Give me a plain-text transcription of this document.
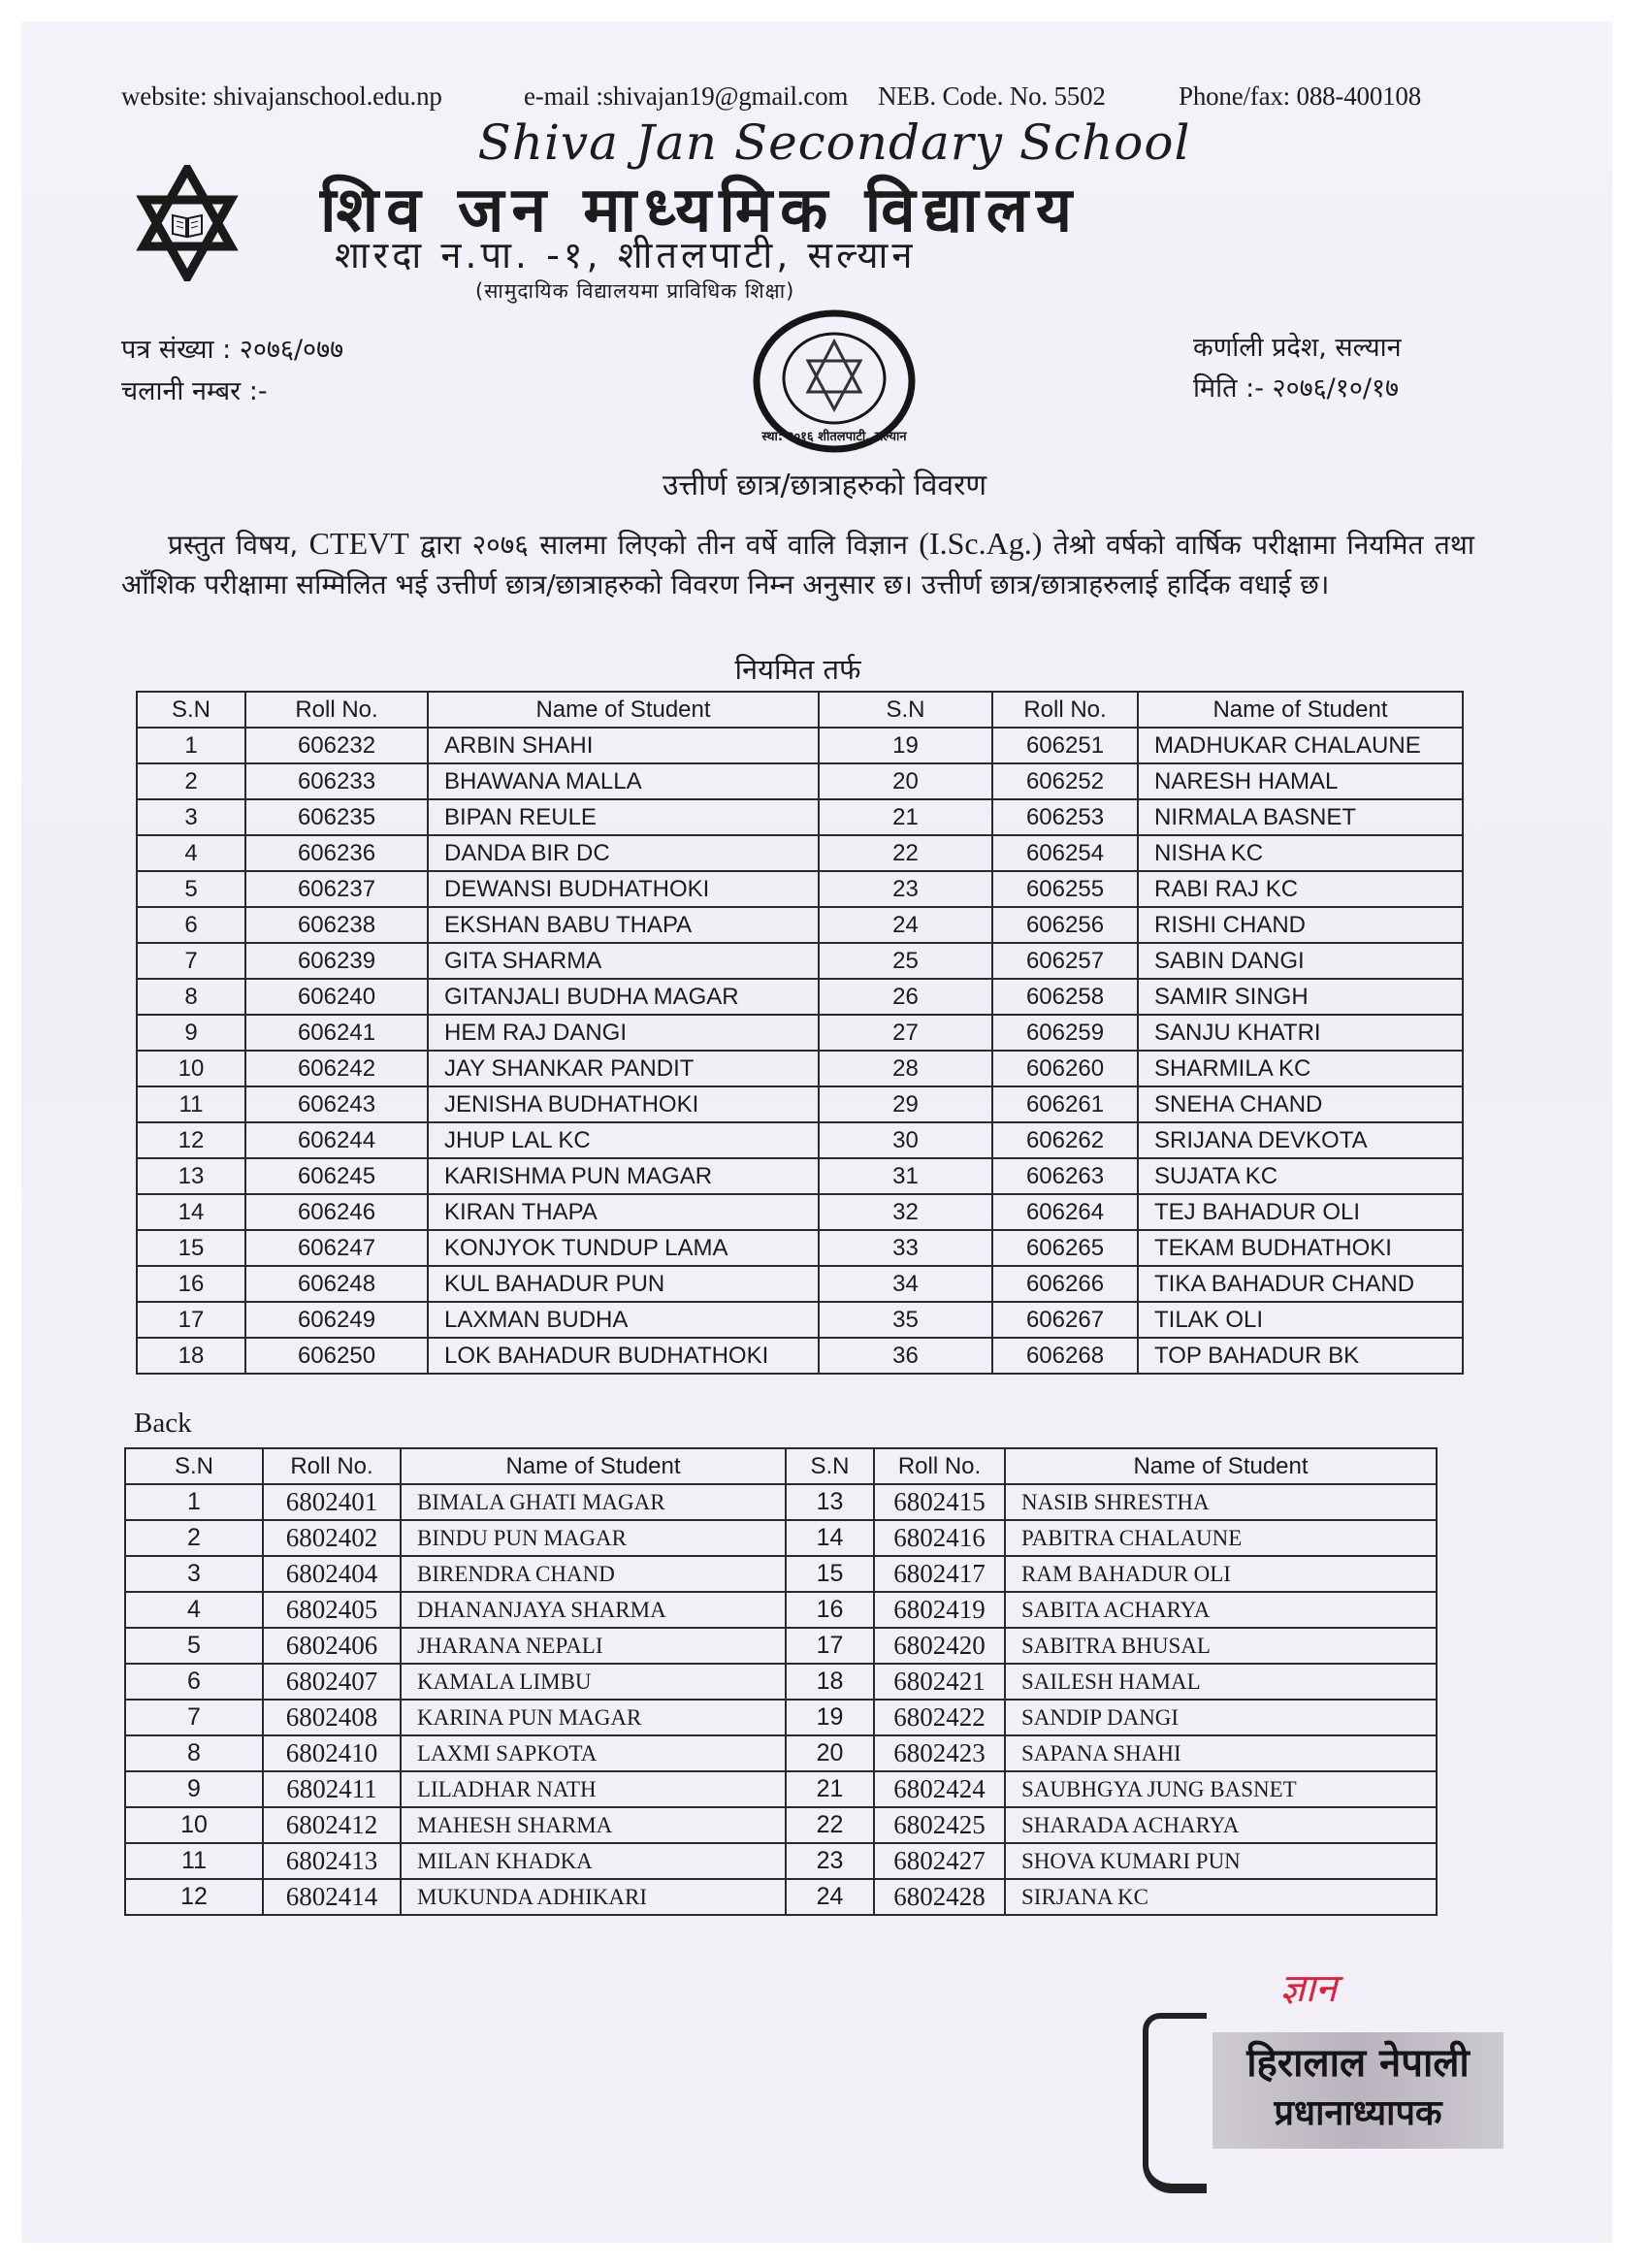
website: shivajanschool.edu.np	e-mail :shivajan19@gmail.com NEB. Code. No. 5502	Phone/fax: 088-400108
Shiva Jan Secondary School
शिव जन माध्यमिक विद्यालय
शारदा न.पा. -१, शीतलपाटी, सल्यान
(सामुदायिक विद्यालयमा प्राविधिक शिक्षा)
स्था: २०१६ शीतलपाटी, सल्यान
पत्र संख्या : २०७६/०७७
चलानी नम्बर :-
कर्णाली प्रदेश, सल्यान
मिति :- २०७६/१०/१७
उत्तीर्ण छात्र/छात्राहरुको विवरण
प्रस्तुत विषय, CTEVT द्वारा २०७६ सालमा लिएको तीन वर्षे वालि विज्ञान (I.Sc.Ag.) तेश्रो वर्षको वार्षिक परीक्षामा नियमित तथा आँशिक परीक्षामा सम्मिलित भई उत्तीर्ण छात्र/छात्राहरुको विवरण निम्न अनुसार छ। उत्तीर्ण छात्र/छात्राहरुलाई हार्दिक वधाई छ।
नियमित तर्फ
S.N	Roll No.	Name of Student	S.N	Roll No.	Name of Student
1	606232	ARBIN SHAHI	19	606251	MADHUKAR CHALAUNE
2	606233	BHAWANA MALLA	20	606252	NARESH HAMAL
3	606235	BIPAN REULE	21	606253	NIRMALA BASNET
4	606236	DANDA BIR DC	22	606254	NISHA KC
5	606237	DEWANSI BUDHATHOKI	23	606255	RABI RAJ KC
6	606238	EKSHAN BABU THAPA	24	606256	RISHI CHAND
7	606239	GITA SHARMA	25	606257	SABIN DANGI
8	606240	GITANJALI BUDHA MAGAR	26	606258	SAMIR SINGH
9	606241	HEM RAJ DANGI	27	606259	SANJU KHATRI
10	606242	JAY SHANKAR PANDIT	28	606260	SHARMILA KC
11	606243	JENISHA BUDHATHOKI	29	606261	SNEHA CHAND
12	606244	JHUP LAL KC	30	606262	SRIJANA DEVKOTA
13	606245	KARISHMA PUN MAGAR	31	606263	SUJATA KC
14	606246	KIRAN THAPA	32	606264	TEJ BAHADUR OLI
15	606247	KONJYOK TUNDUP LAMA	33	606265	TEKAM BUDHATHOKI
16	606248	KUL BAHADUR PUN	34	606266	TIKA BAHADUR CHAND
17	606249	LAXMAN BUDHA	35	606267	TILAK OLI
18	606250	LOK BAHADUR BUDHATHOKI	36	606268	TOP BAHADUR BK
Back
S.N	Roll No.	Name of Student	S.N	Roll No.	Name of Student
1	6802401	BIMALA GHATI MAGAR	13	6802415	NASIB SHRESTHA
2	6802402	BINDU PUN MAGAR	14	6802416	PABITRA CHALAUNE
3	6802404	BIRENDRA CHAND	15	6802417	RAM BAHADUR OLI
4	6802405	DHANANJAYA SHARMA	16	6802419	SABITA ACHARYA
5	6802406	JHARANA NEPALI	17	6802420	SABITRA BHUSAL
6	6802407	KAMALA LIMBU	18	6802421	SAILESH HAMAL
7	6802408	KARINA PUN MAGAR	19	6802422	SANDIP DANGI
8	6802410	LAXMI SAPKOTA	20	6802423	SAPANA SHAHI
9	6802411	LILADHAR NATH	21	6802424	SAUBHGYA JUNG BASNET
10	6802412	MAHESH SHARMA	22	6802425	SHARADA ACHARYA
11	6802413	MILAN KHADKA	23	6802427	SHOVA KUMARI PUN
12	6802414	MUKUNDA ADHIKARI	24	6802428	SIRJANA KC
ज्ञान
हिरालाल नेपाली
प्रधानाध्यापक
